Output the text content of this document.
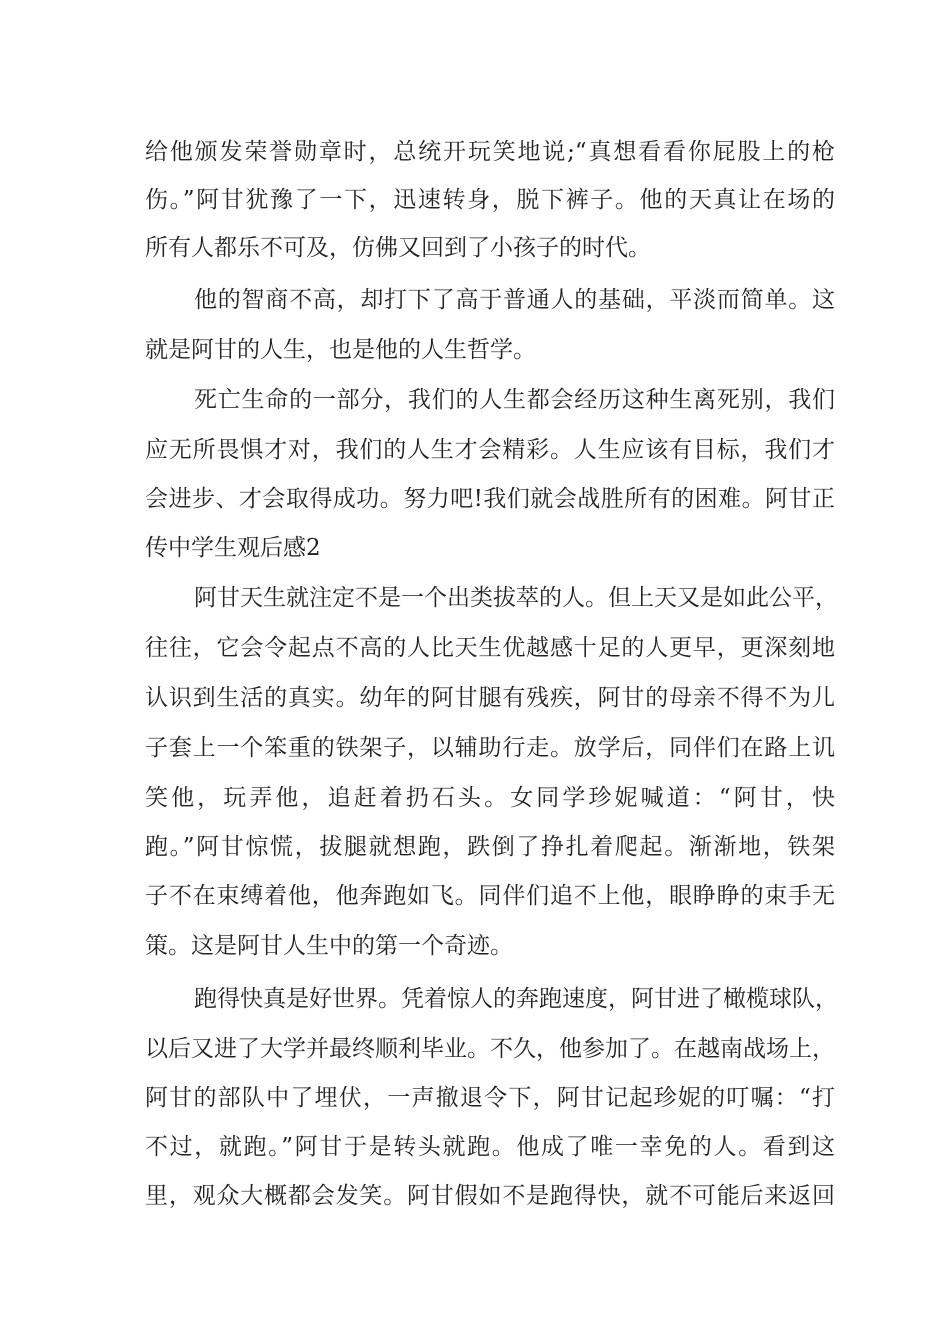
给他颁发荣誉勋章时，总统开玩笑地说;“真想看看你屁股上的枪
伤。”阿甘犹豫了一下，迅速转身，脱下裤子。他的天真让在场的
所有人都乐不可及，仿佛又回到了小孩子的时代。
他的智商不高，却打下了高于普通人的基础，平淡而简单。这
就是阿甘的人生，也是他的人生哲学。
死亡生命的一部分，我们的人生都会经历这种生离死别，我们
应无所畏惧才对，我们的人生才会精彩。人生应该有目标，我们才
会进步、才会取得成功。努力吧!我们就会战胜所有的困难。阿甘正
传中学生观后感2
阿甘天生就注定不是一个出类拔萃的人。但上天又是如此公平，
往往，它会令起点不高的人比天生优越感十足的人更早，更深刻地
认识到生活的真实。幼年的阿甘腿有残疾，阿甘的母亲不得不为儿
子套上一个笨重的铁架子，以辅助行走。放学后，同伴们在路上讥
笑他，玩弄他，追赶着扔石头。女同学珍妮喊道：“阿甘，快
跑。”阿甘惊慌，拔腿就想跑，跌倒了挣扎着爬起。渐渐地，铁架
子不在束缚着他，他奔跑如飞。同伴们追不上他，眼睁睁的束手无
策。这是阿甘人生中的第一个奇迹。
跑得快真是好世界。凭着惊人的奔跑速度，阿甘进了橄榄球队，
以后又进了大学并最终顺利毕业。不久，他参加了。在越南战场上，
阿甘的部队中了埋伏，一声撤退令下，阿甘记起珍妮的叮嘱：“打
不过，就跑。”阿甘于是转头就跑。他成了唯一幸免的人。看到这
里，观众大概都会发笑。阿甘假如不是跑得快，就不可能后来返回
